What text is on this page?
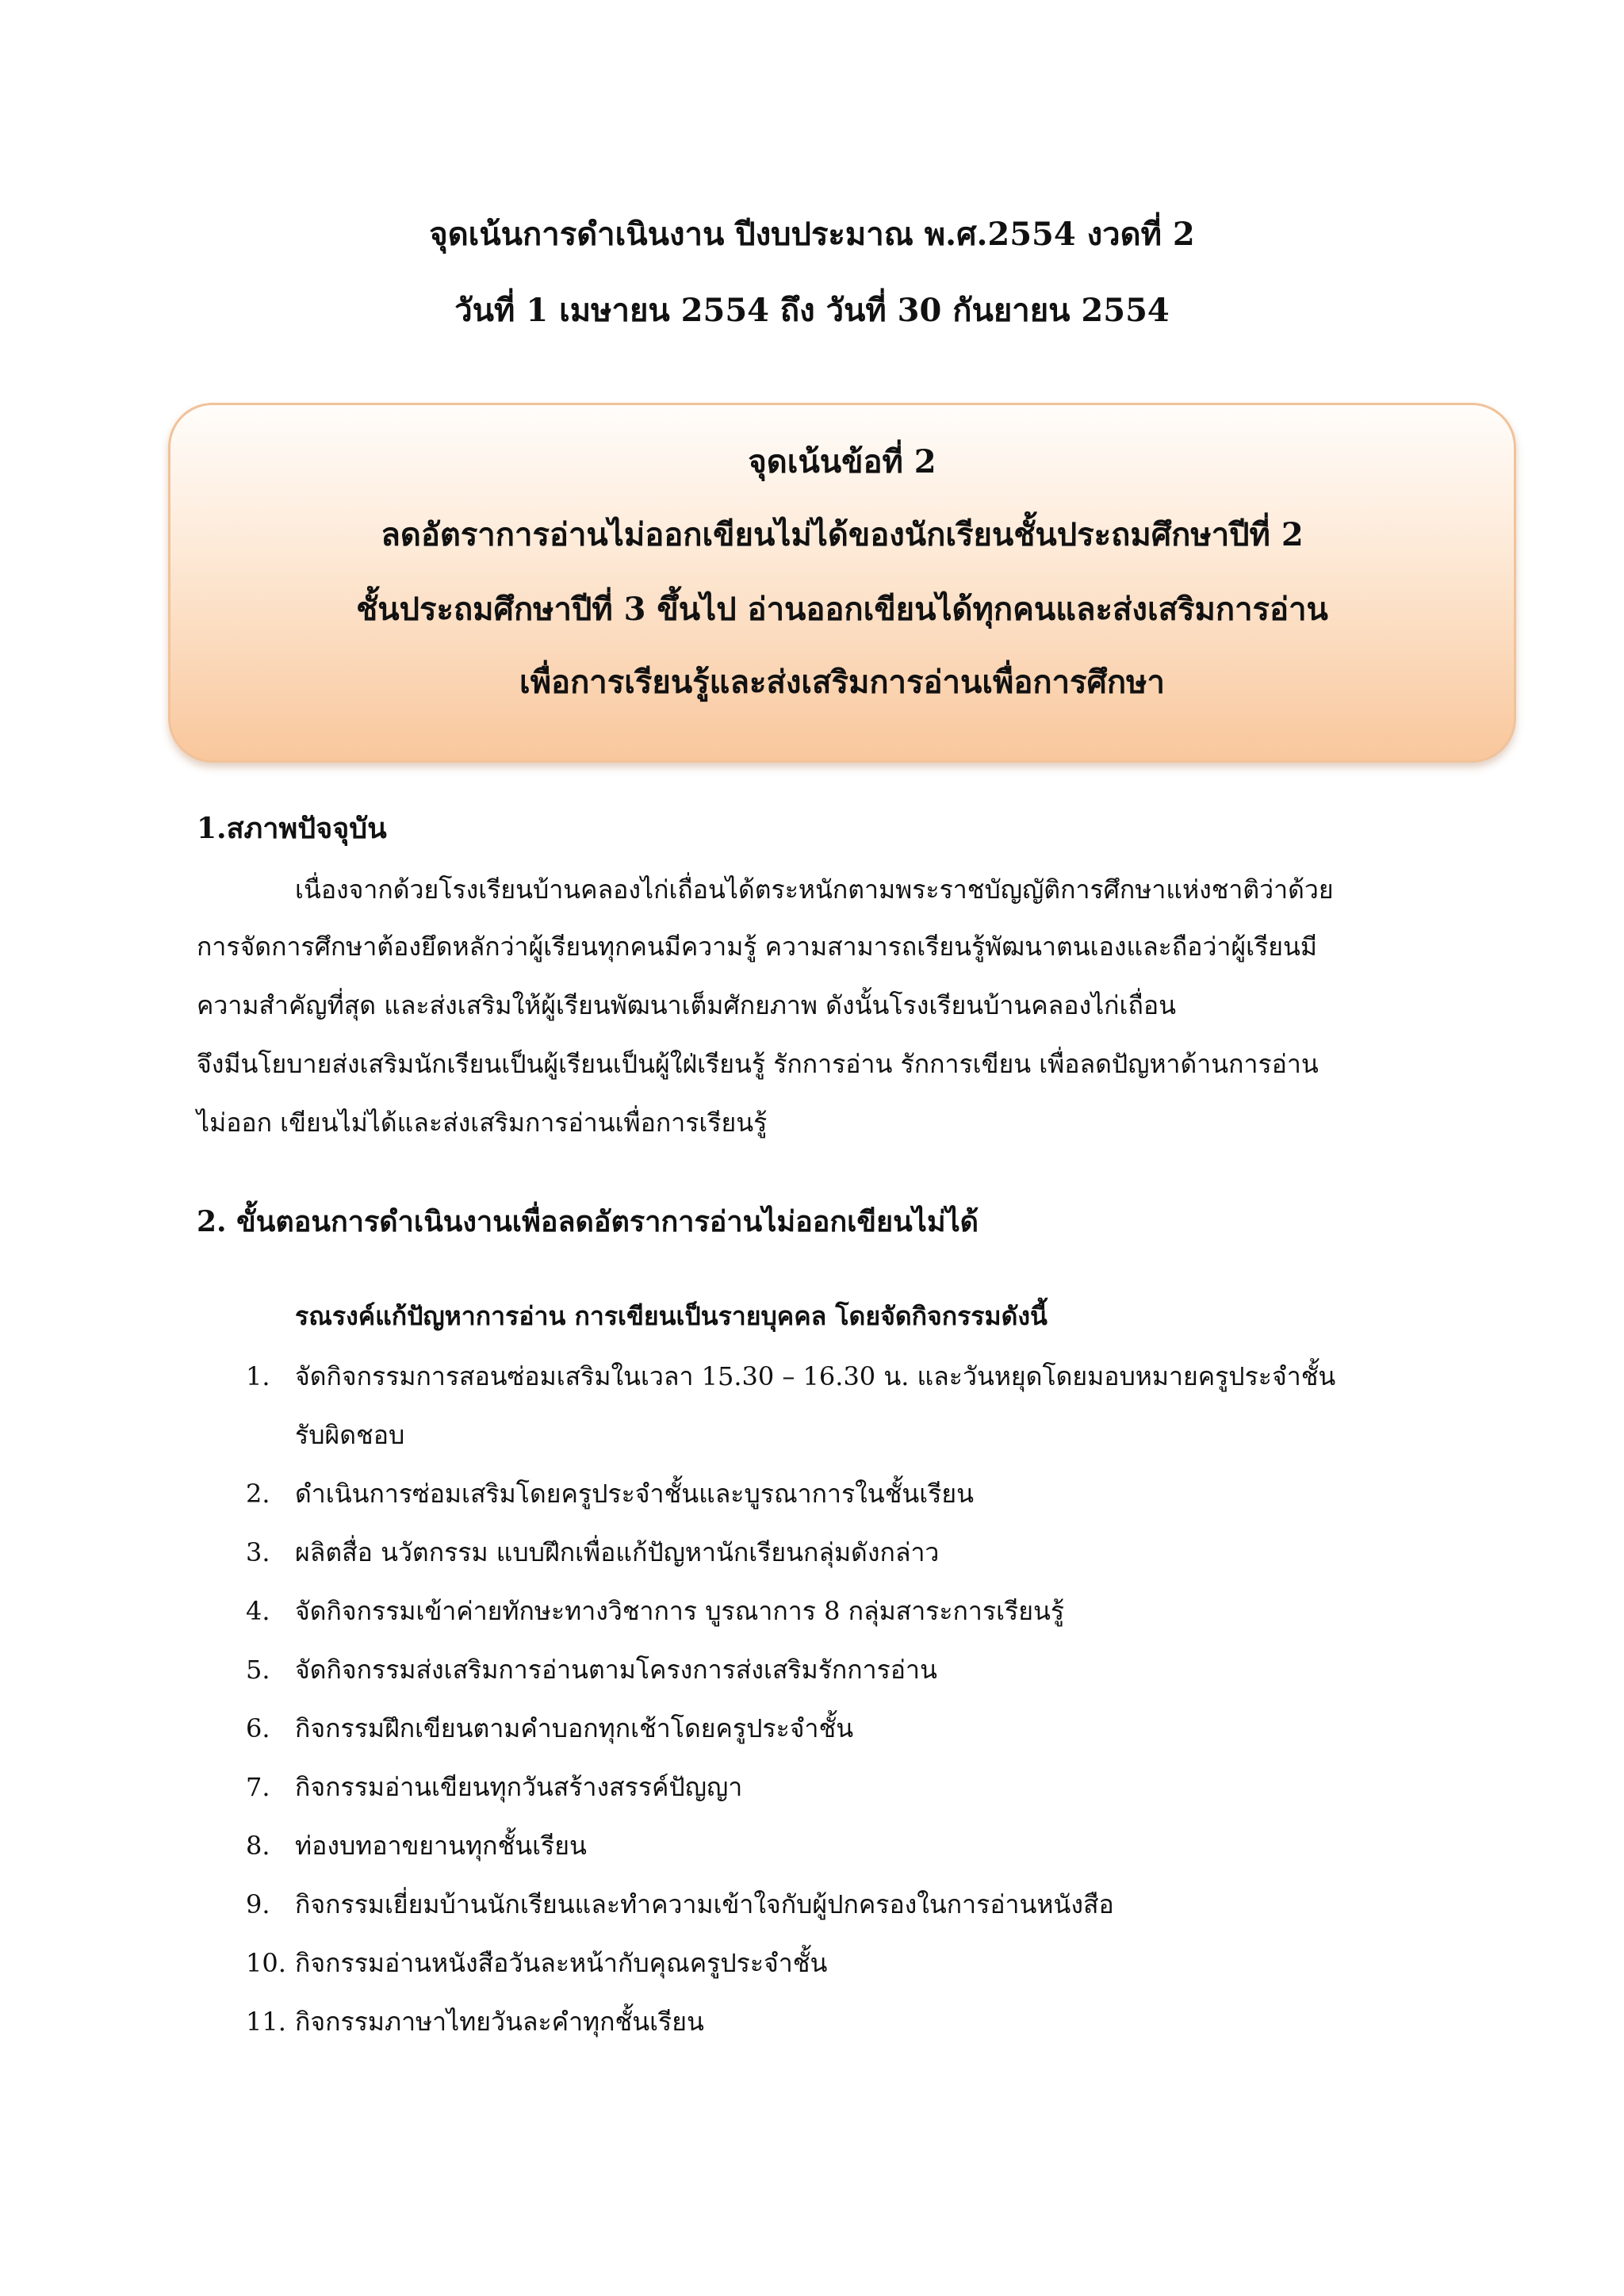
จุดเน้นการดำเนินงาน ปีงบประมาณ พ.ศ.2554 งวดที่ 2
วันที่ 1 เมษายน 2554 ถึง วันที่ 30 กันยายน 2554
จุดเน้นข้อที่ 2
ลดอัตราการอ่านไม่ออกเขียนไม่ได้ของนักเรียนชั้นประถมศึกษาปีที่ 2
ชั้นประถมศึกษาปีที่ 3 ขึ้นไป อ่านออกเขียนได้ทุกคนและส่งเสริมการอ่าน
เพื่อการเรียนรู้และส่งเสริมการอ่านเพื่อการศึกษา
1.สภาพปัจจุบัน
เนื่องจากด้วยโรงเรียนบ้านคลองไก่เถื่อนได้ตระหนักตามพระราชบัญญัติการศึกษาแห่งชาติว่าด้วย
การจัดการศึกษาต้องยึดหลักว่าผู้เรียนทุกคนมีความรู้ ความสามารถเรียนรู้พัฒนาตนเองและถือว่าผู้เรียนมี
ความสำคัญที่สุด และส่งเสริมให้ผู้เรียนพัฒนาเต็มศักยภาพ ดังนั้นโรงเรียนบ้านคลองไก่เถื่อน
จึงมีนโยบายส่งเสริมนักเรียนเป็นผู้เรียนเป็นผู้ใฝ่เรียนรู้ รักการอ่าน รักการเขียน เพื่อลดปัญหาด้านการอ่าน
ไม่ออก เขียนไม่ได้และส่งเสริมการอ่านเพื่อการเรียนรู้
2. ขั้นตอนการดำเนินงานเพื่อลดอัตราการอ่านไม่ออกเขียนไม่ได้
รณรงค์แก้ปัญหาการอ่าน การเขียนเป็นรายบุคคล โดยจัดกิจกรรมดังนี้
1. จัดกิจกรรมการสอนซ่อมเสริมในเวลา 15.30 – 16.30 น. และวันหยุดโดยมอบหมายครูประจำชั้น
รับผิดชอบ
2. ดำเนินการซ่อมเสริมโดยครูประจำชั้นและบูรณาการในชั้นเรียน
3. ผลิตสื่อ นวัตกรรม แบบฝึกเพื่อแก้ปัญหานักเรียนกลุ่มดังกล่าว
4. จัดกิจกรรมเข้าค่ายทักษะทางวิชาการ บูรณาการ 8 กลุ่มสาระการเรียนรู้
5. จัดกิจกรรมส่งเสริมการอ่านตามโครงการส่งเสริมรักการอ่าน
6. กิจกรรมฝึกเขียนตามคำบอกทุกเช้าโดยครูประจำชั้น
7. กิจกรรมอ่านเขียนทุกวันสร้างสรรค์ปัญญา
8. ท่องบทอาขยานทุกชั้นเรียน
9. กิจกรรมเยี่ยมบ้านนักเรียนและทำความเข้าใจกับผู้ปกครองในการอ่านหนังสือ
10. กิจกรรมอ่านหนังสือวันละหน้ากับคุณครูประจำชั้น
11. กิจกรรมภาษาไทยวันละคำทุกชั้นเรียน
